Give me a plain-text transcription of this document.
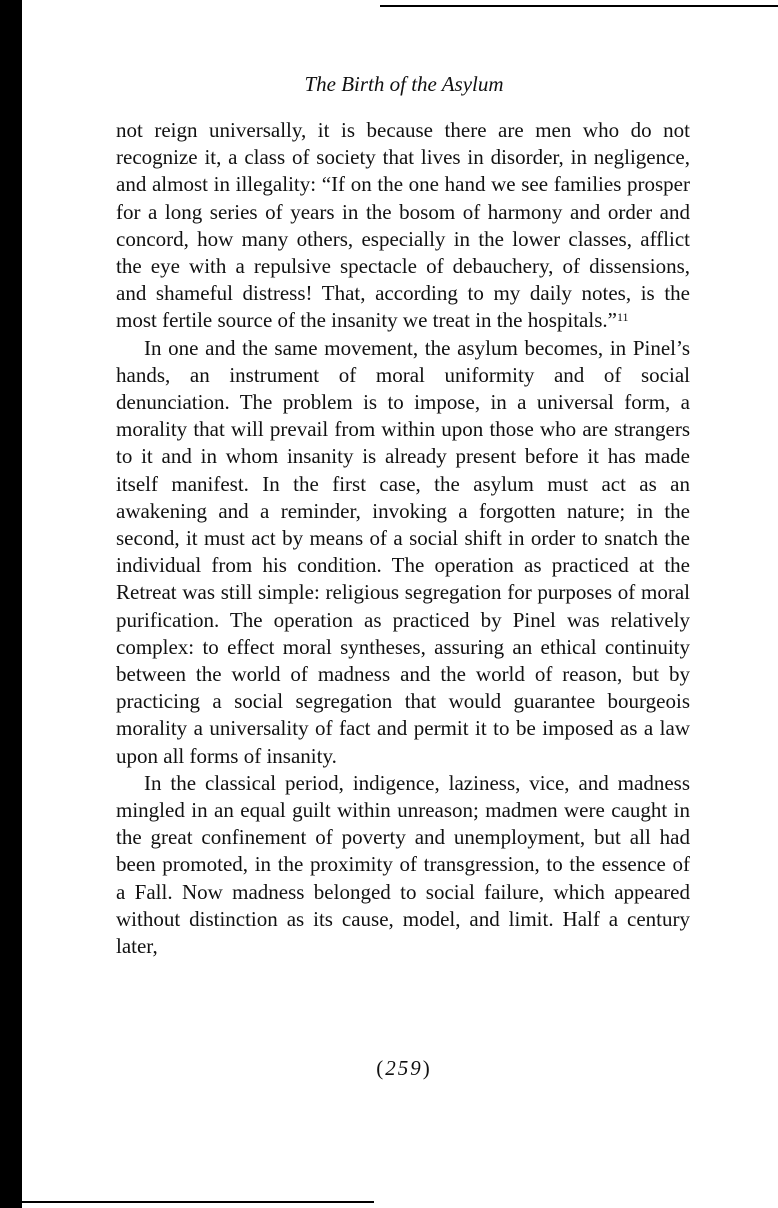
The Birth of the Asylum

not reign universally, it is because there are men who do not recognize it, a class of society that lives in disorder, in negligence, and almost in illegality: “If on the one hand we see families prosper for a long series of years in the bosom of harmony and order and concord, how many others, especially in the lower classes, afflict the eye with a repulsive spectacle of debauchery, of dissensions, and shameful distress! That, according to my daily notes, is the most fertile source of the insanity we treat in the hospitals.”$^{11}$

In one and the same movement, the asylum becomes, in Pinel’s hands, an instrument of moral uniformity and of social denunciation. The problem is to impose, in a universal form, a morality that will prevail from within upon those who are strangers to it and in whom insanity is already present before it has made itself manifest. In the first case, the asylum must act as an awakening and a reminder, invoking a forgotten nature; in the second, it must act by means of a social shift in order to snatch the individual from his condition. The operation as practiced at the Retreat was still simple: religious segregation for purposes of moral purification. The operation as practiced by Pinel was relatively complex: to effect moral syntheses, assuring an ethical continuity between the world of madness and the world of reason, but by practicing a social segregation that would guarantee bourgeois morality a universality of fact and permit it to be imposed as a law upon all forms of insanity.

In the classical period, indigence, laziness, vice, and madness mingled in an equal guilt within unreason; madmen were caught in the great confinement of poverty and unemployment, but all had been promoted, in the proximity of transgression, to the essence of a Fall. Now madness belonged to social failure, which appeared without distinction as its cause, model, and limit. Half a century later,

(259)
